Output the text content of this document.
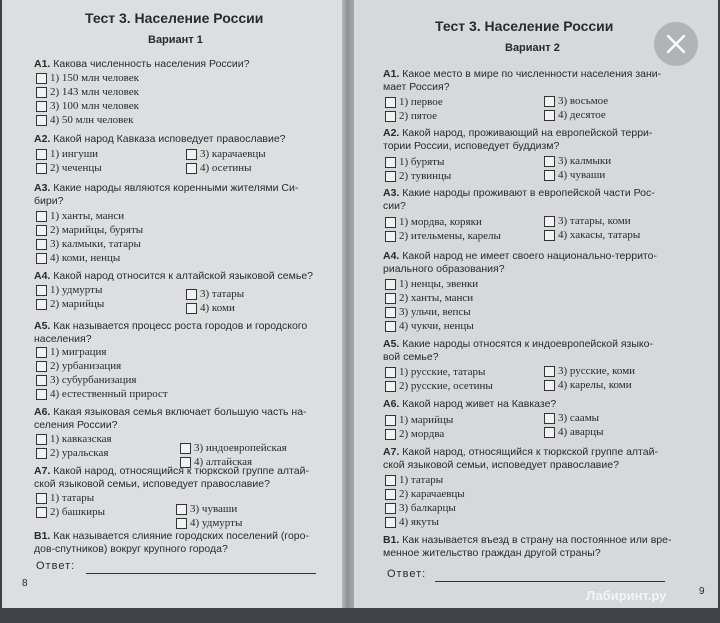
Тест 3. Население России
Вариант 1
А1. Какова численность населения России?
1) 150 млн человек
2) 143 млн человек
3) 100 млн человек
4) 50 млн человек
А2. Какой народ Кавказа исповедует православие?
1) ингуши
2) чеченцы
3) карачаевцы
4) осетины
А3. Какие народы являются коренными жителями Си-
бири?
1) ханты, манси
2) марийцы, буряты
3) калмыки, татары
4) коми, ненцы
А4. Какой народ относится к алтайской языковой семье?
1) удмурты
2) марийцы
3) татары
4) коми
А5. Как называется процесс роста городов и городского
населения?
1) миграция
2) урбанизация
3) субурбанизация
4) естественный прирост
А6. Какая языковая семья включает большую часть на-
селения России?
1) кавказская
2) уральская	3) индоевропейская
4) алтайская
А7. Какой народ, относящийся к тюркской группе алтай-
ской языковой семьи, исповедует православие?
1) татары
2) башкиры	3) чуваши
4) удмурты
В1. Как называется слияние городских поселений (горо-
дов-спутников) вокруг крупного города?
Ответ:
8
Тест 3. Население России
Вариант 2
А1. Какое место в мире по численности населения зани-
мает Россия?
1) первое
2) пятое
3) восьмое
4) десятое
А2. Какой народ, проживающий на европейской терри-
тории России, исповедует буддизм?
1) буряты
2) тувинцы
3) калмыки
4) чуваши
А3. Какие народы проживают в европейской части Рос-
сии?
1) мордва, коряки
2) ительмены, карелы
3) татары, коми
4) хакасы, татары
А4. Какой народ не имеет своего национально-террито-
риального образования?
1) ненцы, эвенки
2) ханты, манси
3) ульчи, вепсы
4) чукчи, ненцы
А5. Какие народы относятся к индоевропейской языко-
вой семье?
1) русские, татары
2) русские, осетины
3) русские, коми
4) карелы, коми
А6. Какой народ живет на Кавказе?
1) марийцы
2) мордва
3) саамы
4) аварцы
А7. Какой народ, относящийся к тюркской группе алтай-
ской языковой семьи, исповедует православие?
1) татары
2) карачаевцы
3) балкарцы
4) якуты
В1. Как называется въезд в страну на постоянное или вре-
менное жительство граждан другой страны?
Ответ:
9
Лабиринт.ру
